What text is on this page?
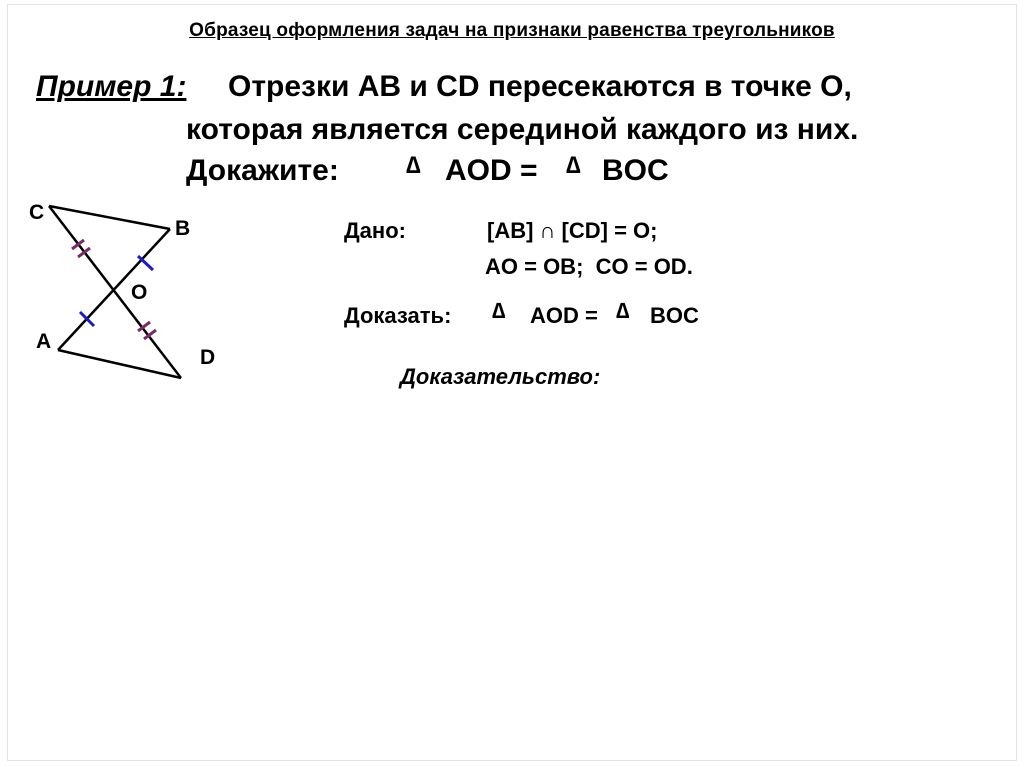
Образец оформления задач на признаки равенства треугольников
Пример 1: Отрезки АВ и CD пересекаются в точке О,
которая является серединой каждого из них.
Докажите:	∆ AOD = ∆ BOC
С
В
О
А
D
Дано:	[AB] ∩ [CD] = O;
AO = OB;  CO = OD.
Доказать: ∆ AOD = ∆ BOC
Доказательство:
